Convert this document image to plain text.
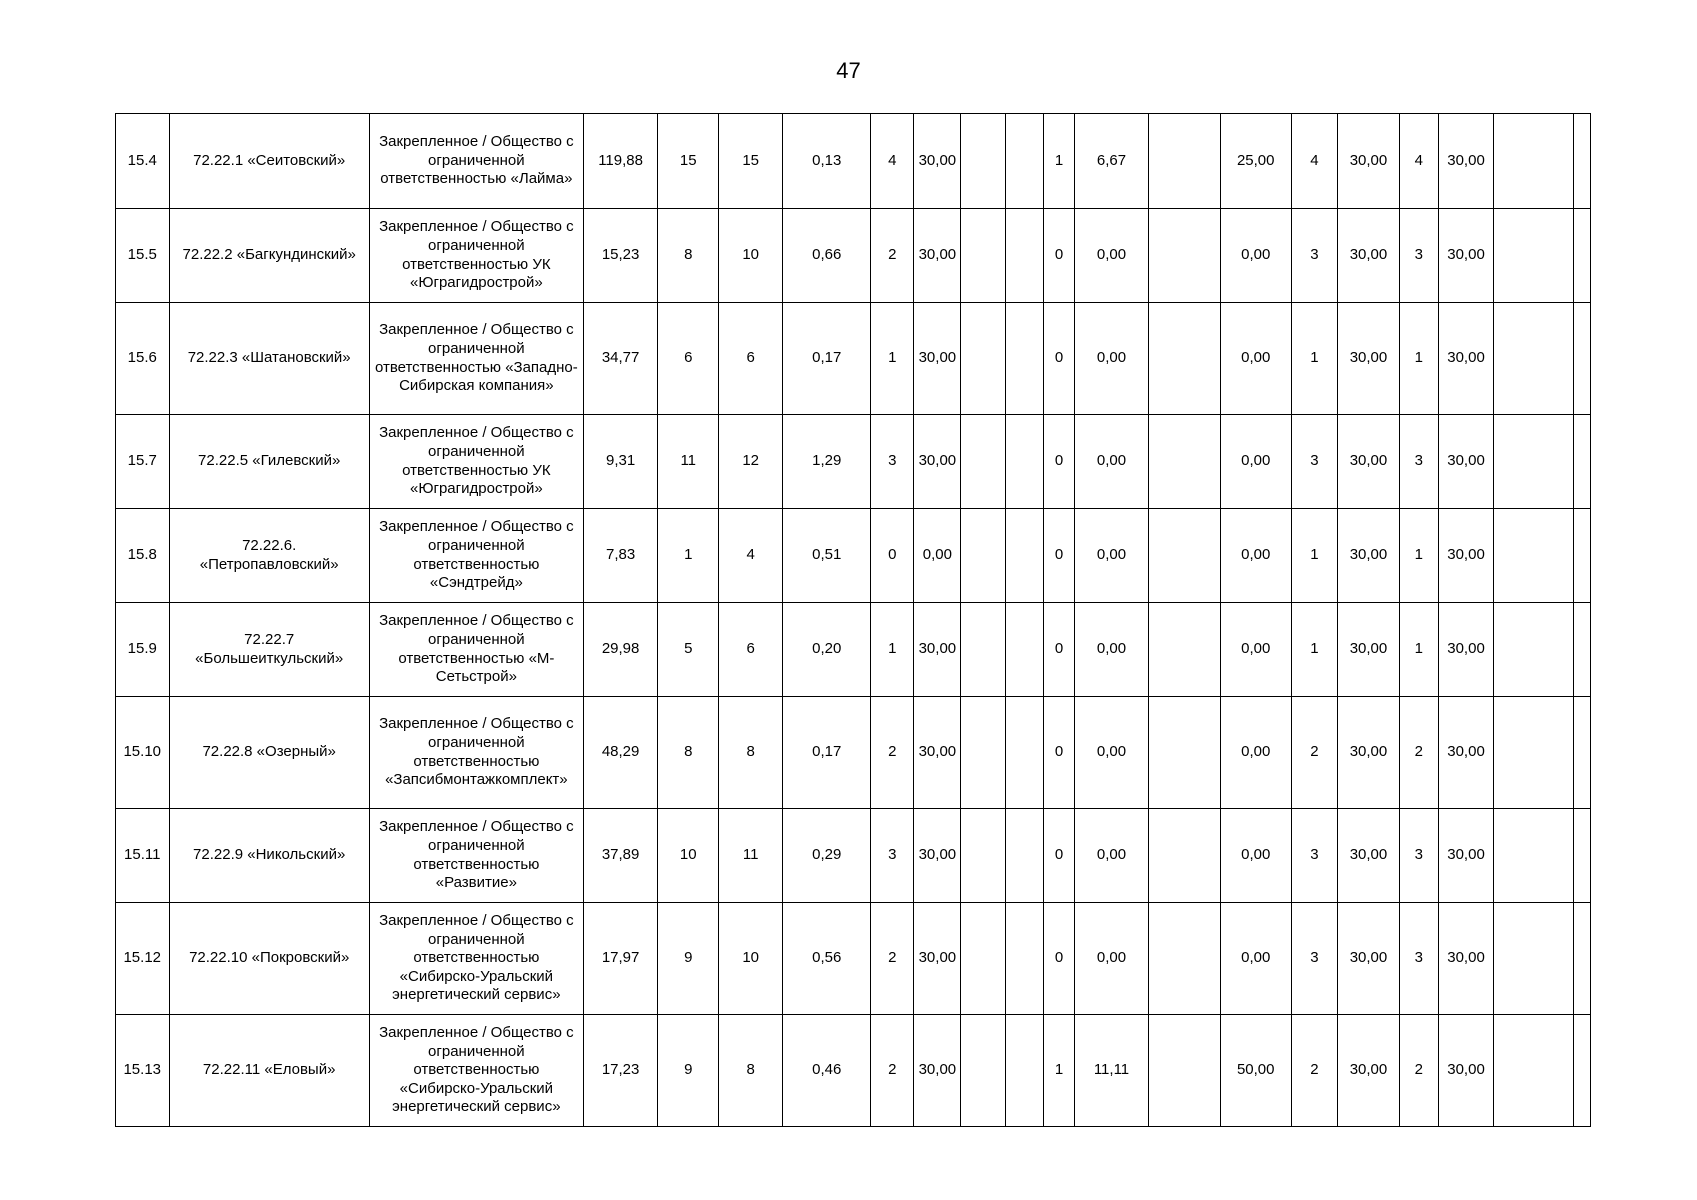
47
15.4	72.22.1 «Сеитовский»	Закрепленное / Общество с ограниченной ответственностью «Лайма»	119,88	15	15	0,13	4	30,00			1	6,67		25,00	4	30,00	4	30,00		
15.5	72.22.2 «Багкундинский»	Закрепленное / Общество с ограниченной ответственностью УК «Юграгидрострой»	15,23	8	10	0,66	2	30,00			0	0,00		0,00	3	30,00	3	30,00		
15.6	72.22.3 «Шатановский»	Закрепленное / Общество с ограниченной ответственностью «Западно-Сибирская компания»	34,77	6	6	0,17	1	30,00			0	0,00		0,00	1	30,00	1	30,00		
15.7	72.22.5 «Гилевский»	Закрепленное / Общество с ограниченной ответственностью УК «Юграгидрострой»	9,31	11	12	1,29	3	30,00			0	0,00		0,00	3	30,00	3	30,00		
15.8	72.22.6. «Петропавловский»	Закрепленное / Общество с ограниченной ответственностью «Сэндтрейд»	7,83	1	4	0,51	0	0,00			0	0,00		0,00	1	30,00	1	30,00		
15.9	72.22.7 «Большеиткульский»	Закрепленное / Общество с ограниченной ответственностью «М-Сетьстрой»	29,98	5	6	0,20	1	30,00			0	0,00		0,00	1	30,00	1	30,00		
15.10	72.22.8 «Озерный»	Закрепленное / Общество с ограниченной ответственностью «Запсибмонтажкомплект»	48,29	8	8	0,17	2	30,00			0	0,00		0,00	2	30,00	2	30,00		
15.11	72.22.9 «Никольский»	Закрепленное / Общество с ограниченной ответственностью «Развитие»	37,89	10	11	0,29	3	30,00			0	0,00		0,00	3	30,00	3	30,00		
15.12	72.22.10 «Покровский»	Закрепленное / Общество с ограниченной ответственностью «Сибирско-Уральский энергетический сервис»	17,97	9	10	0,56	2	30,00			0	0,00		0,00	3	30,00	3	30,00		
15.13	72.22.11 «Еловый»	Закрепленное / Общество с ограниченной ответственностью «Сибирско-Уральский энергетический сервис»	17,23	9	8	0,46	2	30,00			1	11,11		50,00	2	30,00	2	30,00		
